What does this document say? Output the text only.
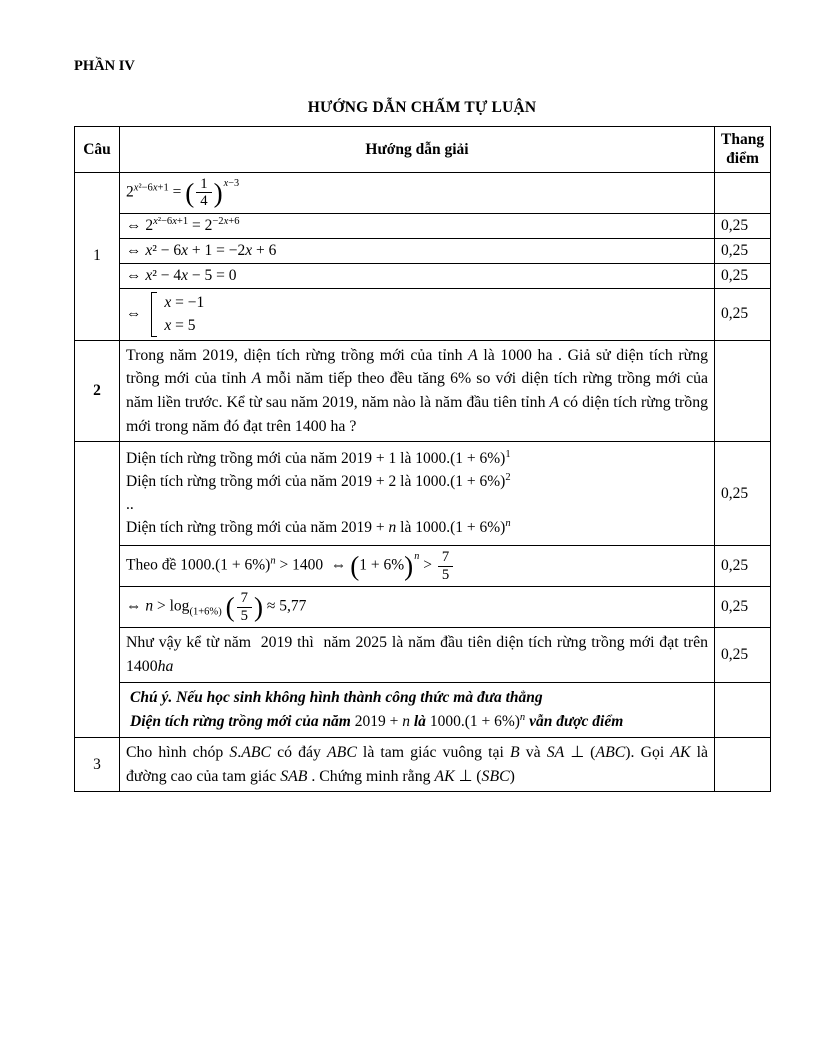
PHẦN IV
HƯỚNG DẪN CHẤM TỰ LUẬN
Câu	Hướng dẫn giải	Thang điểm
1	$2^{x^2-6x+1}$ = ( $\frac{1}{4} )^{x-3}$	
	⇔ $2^{x^2-6x+1} = 2^{-2x+6}$	0,25
	⇔ x² − 6x + 1 = −2x + 6	0,25
	⇔ x² − 4x − 5 = 0	0,25
	⇔
x = −1
x = 5	0,25
2	Trong năm 2019, diện tích rừng trồng mới của tỉnh A là 1000 ha . Giả sử diện tích rừng trồng mới của tỉnh A mỗi năm tiếp theo đều tăng 6% so với diện tích rừng trồng mới của năm liền trước. Kể từ sau năm 2019, năm nào là năm đầu tiên tỉnh A có diện tích rừng trồng mới trong năm đó đạt trên 1400 ha ?	

	Diện tích rừng trồng mới của năm 2019 + 1 là $1000.(1 + 6\%)^1$
Diện tích rừng trồng mới của năm 2019 + 2 là $1000.(1 + 6\%)^2$
..
Diện tích rừng trồng mới của năm 2019 + n là $1000.(1 + 6\%)^n$	0,25
	Theo đề $1000.(1 + 6\%)^n > 1400$  ⇔ $(1 + 6\%)^n > \frac{7}{5}$	0,25
	⇔ $n > \log_{(1+6\%)}$ ( $\frac{7}{5}$ ) ≈ 5,77	0,25
	Như vậy kể từ năm  2019 thì  năm 2025 là năm đầu tiên diện tích rừng trồng mới đạt trên 1400ha	0,25

	Chú ý. Nếu học sinh không hình thành công thức mà đưa thẳng
Diện tích rừng trồng mới của năm 2019 + n là $1000.(1 + 6\%)^n$ vẫn được điểm	

3	Cho hình chóp S.ABC có đáy ABC là tam giác vuông tại B và SA ⊥ (ABC). Gọi AK là đường cao của tam giác SAB . Chứng minh rằng AK ⊥ (SBC)	
